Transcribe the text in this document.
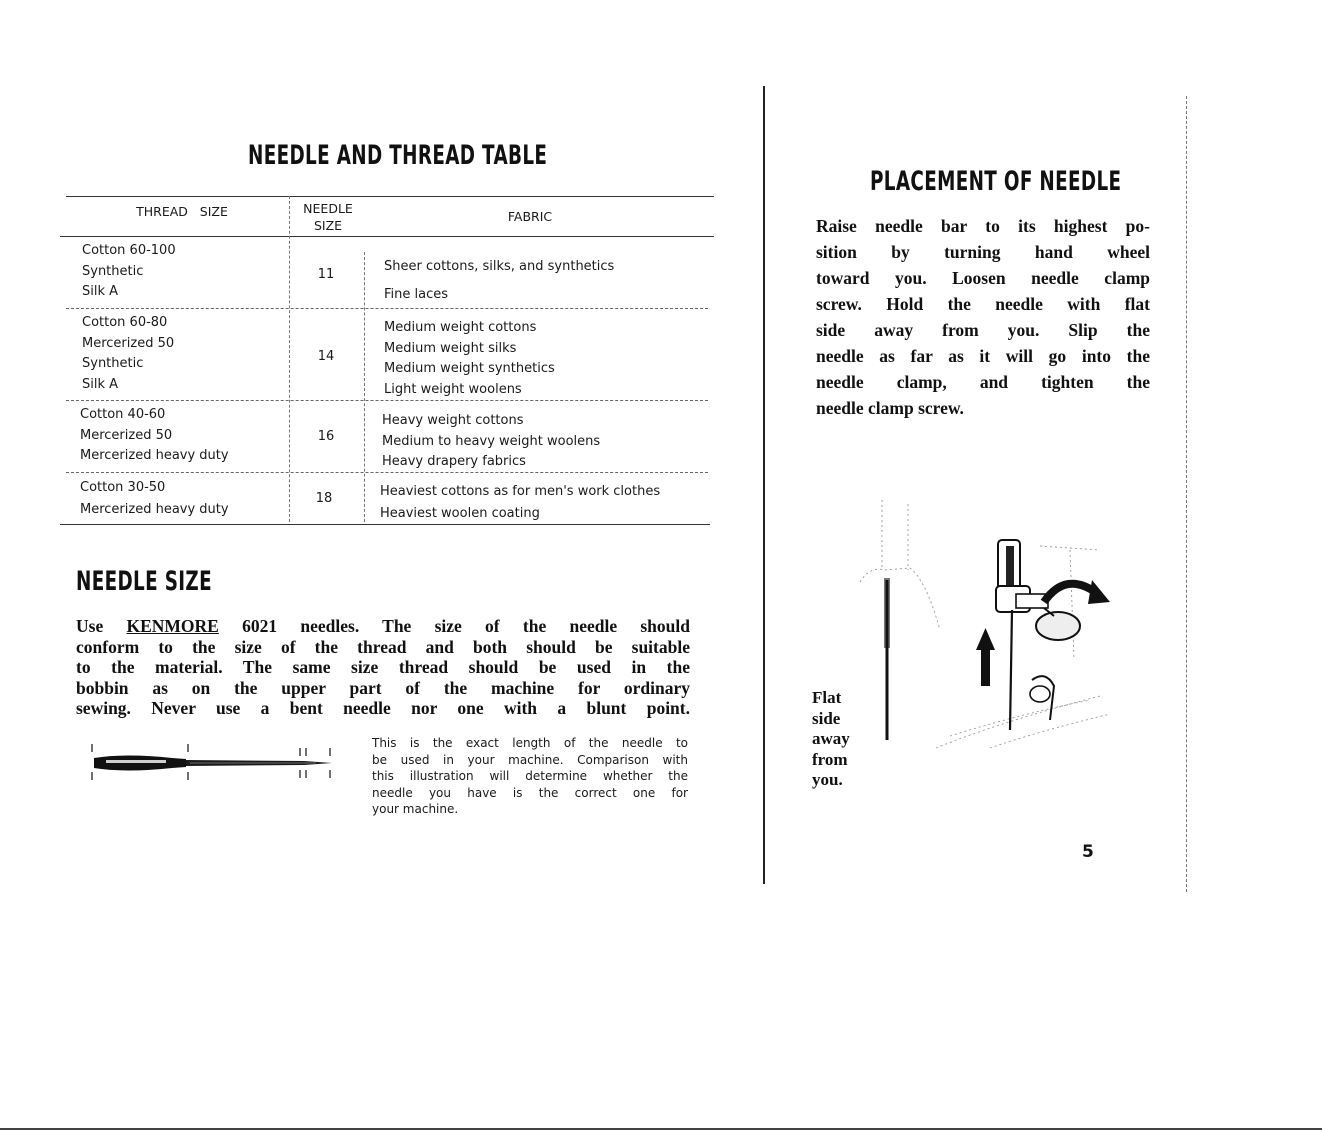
NEEDLE AND THREAD TABLE
THREAD   SIZE	NEEDLE
SIZE
FABRIC
Cotton 60-100
Synthetic
Silk A
11
Sheer cottons, silks, and synthetics
Fine laces
Cotton 60-80
Mercerized 50
Synthetic
Silk A
14
Medium weight cottons
Medium weight silks
Medium weight synthetics
Light weight woolens
Cotton 40-60
Mercerized 50
Mercerized heavy duty
16
Heavy weight cottons
Medium to heavy weight woolens
Heavy drapery fabrics
Cotton 30-50
Mercerized heavy duty
18	Heaviest cottons as for men's work clothes
Heaviest woolen coating
NEEDLE SIZE
Use KENMORE 6021 needles. The size of the needle should
conform to the size of the thread and both should be suitable
to the material. The same size thread should be used in the
bobbin as on the upper part of the machine for ordinary
sewing. Never use a bent needle nor one with a blunt point.
This is the exact length of the needle to
be used in your machine. Comparison with
this illustration will determine whether the
needle you have is the correct one for
your machine.
PLACEMENT OF NEEDLE
Raise needle bar to its highest po-
sition by turning hand wheel
toward you. Loosen needle clamp
screw. Hold the needle with flat
side away from you. Slip the
needle as far as it will go into the
needle clamp, and tighten the
needle clamp screw.
Flat
side
away
from
you.
5
